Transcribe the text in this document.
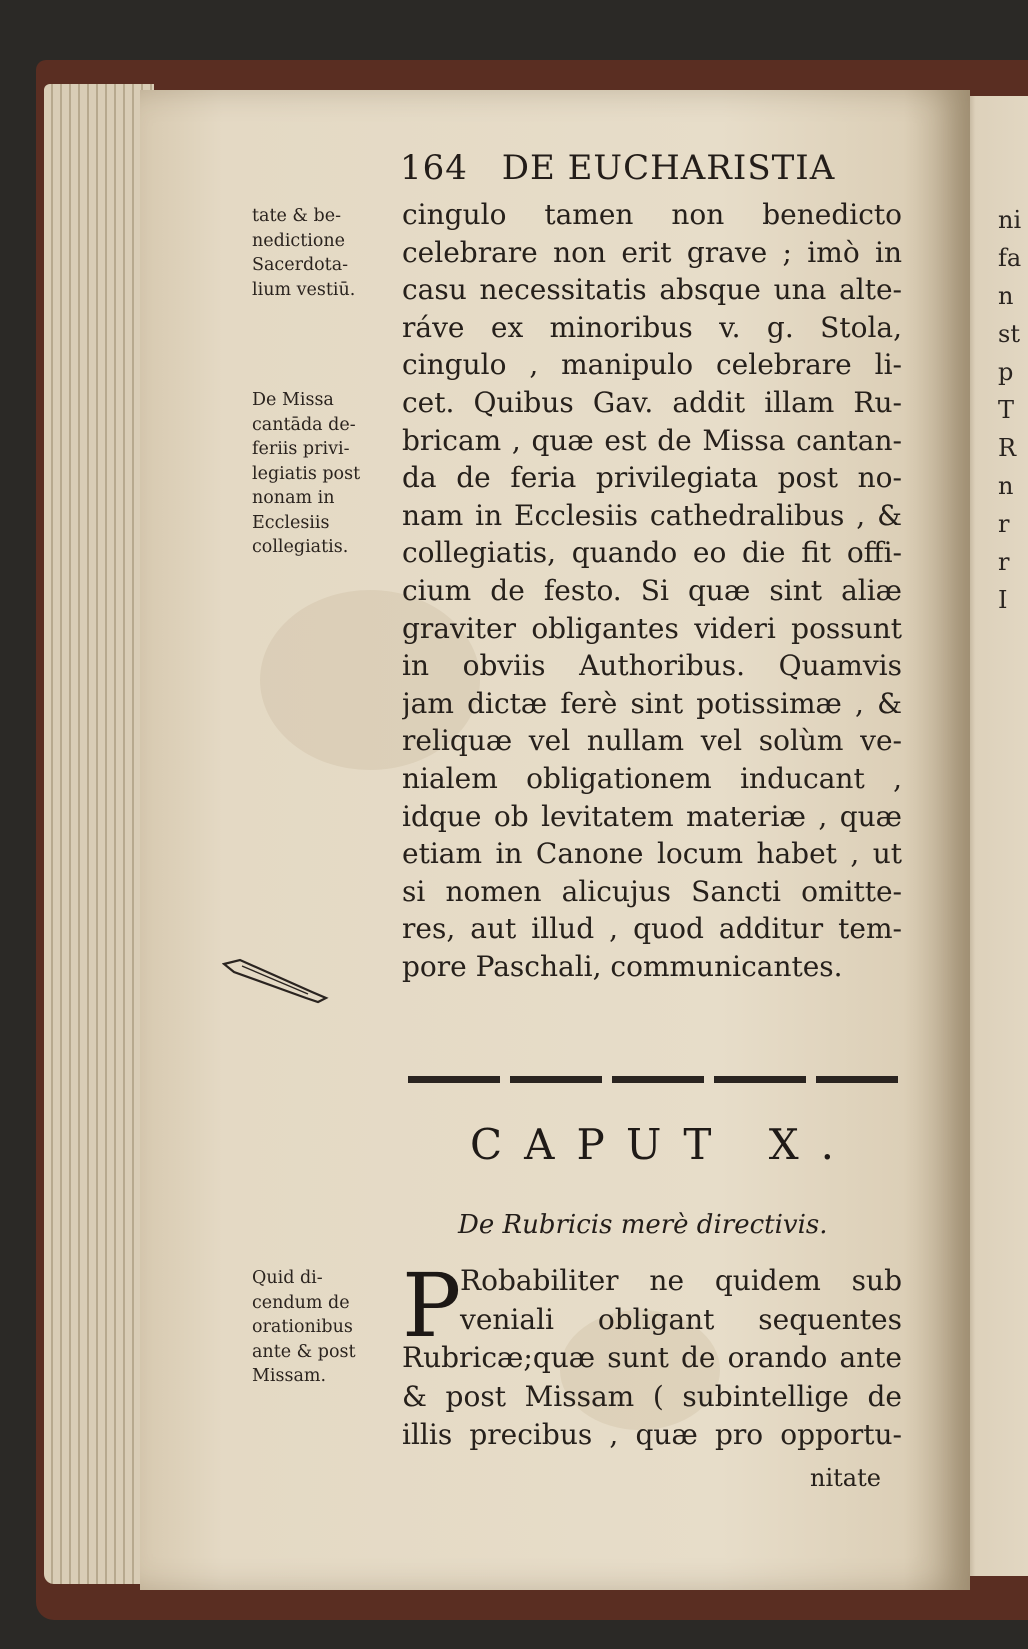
ni
fa
n
st
p
T
R
n
r
r
I
164 DE EUCHARISTIA
tate & be-
nedictione
Sacerdota-
lium vestiū.
De Missa
cantāda de-
feriis privi-
legiatis post
nonam in
Ecclesiis
collegiatis.
Quid di-
cendum de
orationibus
ante & post
Missam.
cingulo tamen non benedicto
celebrare non erit grave ; imò in
casu necessitatis absque una alte-
ráve ex minoribus v. g. Stola,
cingulo , manipulo celebrare li-
cet. Quibus Gav. addit illam Ru-
bricam , quæ est de Missa cantan-
da de feria privilegiata post no-
nam in Ecclesiis cathedralibus , &
collegiatis, quando eo die fit offi-
cium de festo. Si quæ sint aliæ
graviter obligantes videri possunt
in obviis Authoribus. Quamvis
jam dictæ ferè sint potissimæ , &
reliquæ vel nullam vel solùm ve-
nialem obligationem inducant ,
idque ob levitatem materiæ , quæ
etiam in Canone locum habet , ut
si nomen alicujus Sancti omitte-
res, aut illud , quod additur tem-
pore Paschali, communicantes.
CAPUT X.
De Rubricis merè directivis.
P
Robabiliter ne quidem sub
veniali obligant sequentes
Rubricæ;quæ sunt de orando ante
& post Missam ( subintellige de
illis precibus , quæ pro opportu-
nitate
